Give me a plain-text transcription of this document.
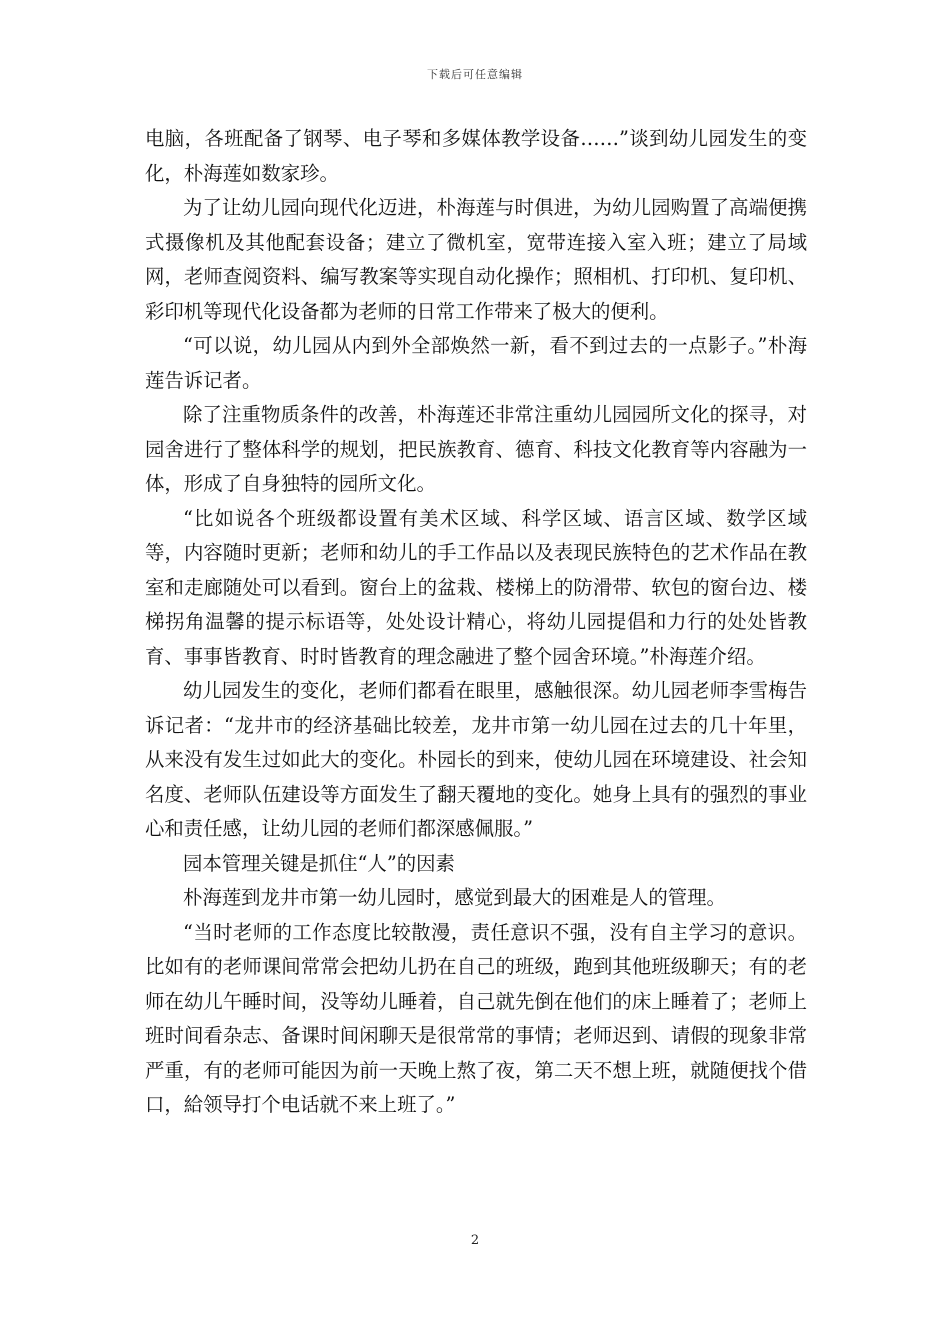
下载后可任意编辑

电脑，各班配备了钢琴、电子琴和多媒体教学设备……”谈到幼儿园发生的变化，朴海莲如数家珍。

为了让幼儿园向现代化迈进，朴海莲与时俱进，为幼儿园购置了高端便携式摄像机及其他配套设备；建立了微机室，宽带连接入室入班；建立了局域网，老师查阅资料、编写教案等实现自动化操作；照相机、打印机、复印机、彩印机等现代化设备都为老师的日常工作带来了极大的便利。

“可以说，幼儿园从内到外全部焕然一新，看不到过去的一点影子。”朴海莲告诉记者。

除了注重物质条件的改善，朴海莲还非常注重幼儿园园所文化的探寻，对园舍进行了整体科学的规划，把民族教育、德育、科技文化教育等内容融为一体，形成了自身独特的园所文化。

“比如说各个班级都设置有美术区域、科学区域、语言区域、数学区域等，内容随时更新；老师和幼儿的手工作品以及表现民族特色的艺术作品在教室和走廊随处可以看到。窗台上的盆栽、楼梯上的防滑带、软包的窗台边、楼梯拐角温馨的提示标语等，处处设计精心，将幼儿园提倡和力行的处处皆教育、事事皆教育、时时皆教育的理念融进了整个园舍环境。”朴海莲介绍。

幼儿园发生的变化，老师们都看在眼里，感触很深。幼儿园老师李雪梅告诉记者：“龙井市的经济基础比较差，龙井市第一幼儿园在过去的几十年里，从来没有发生过如此大的变化。朴园长的到来，使幼儿园在环境建设、社会知名度、老师队伍建设等方面发生了翻天覆地的变化。她身上具有的强烈的事业心和责任感，让幼儿园的老师们都深感佩服。”

园本管理关键是抓住“人”的因素

朴海莲到龙井市第一幼儿园时，感觉到最大的困难是人的管理。

“当时老师的工作态度比较散漫，责任意识不强，没有自主学习的意识。比如有的老师课间常常会把幼儿扔在自己的班级，跑到其他班级聊天；有的老师在幼儿午睡时间，没等幼儿睡着，自己就先倒在他们的床上睡着了；老师上班时间看杂志、备课时间闲聊天是很常常的事情；老师迟到、请假的现象非常严重，有的老师可能因为前一天晚上熬了夜，第二天不想上班，就随便找个借口，給领导打个电话就不来上班了。”

2
